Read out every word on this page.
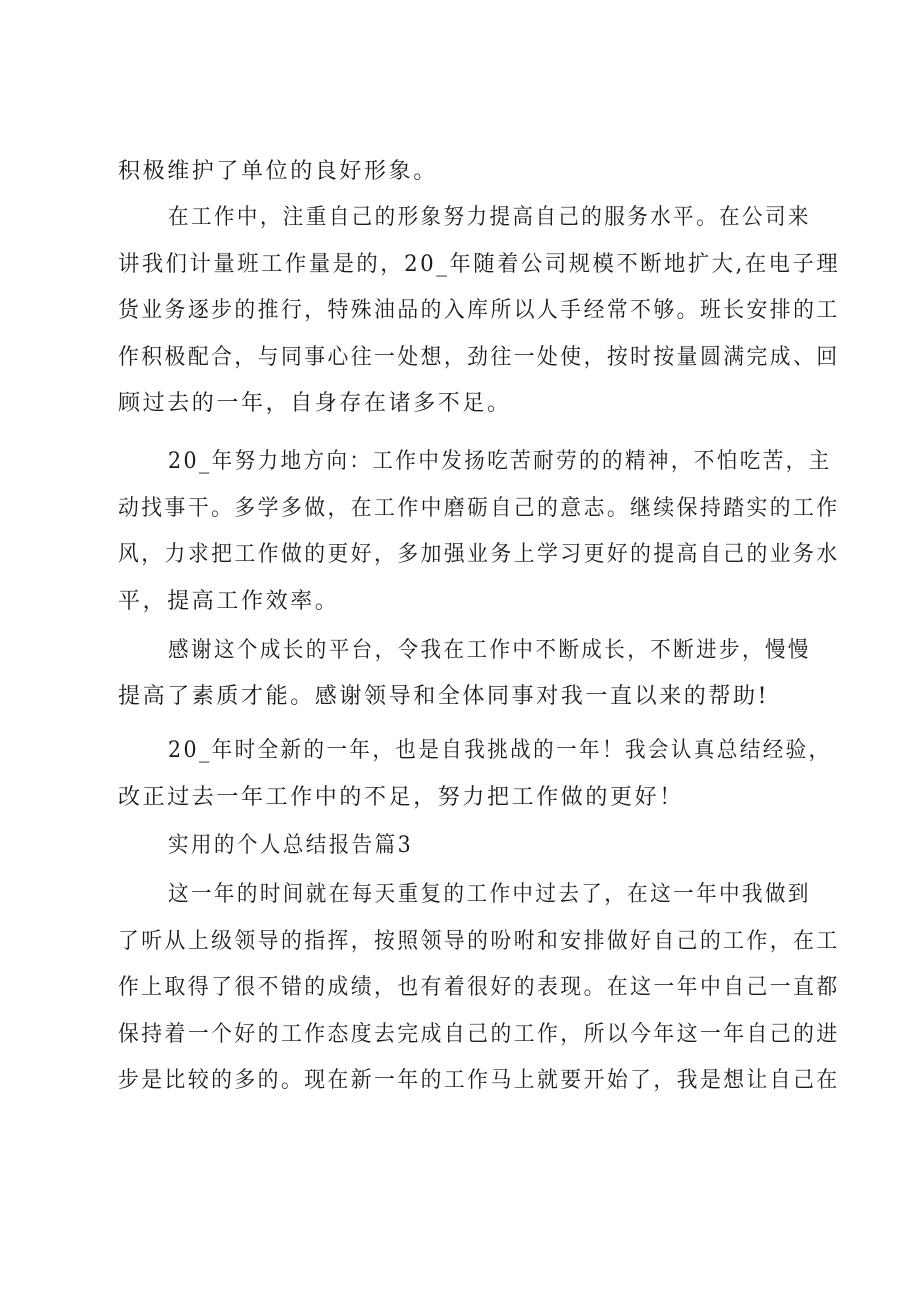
积极维护了单位的良好形象。
在工作中，注重自己的形象努力提高自己的服务水平。在公司来
讲我们计量班工作量是的，20_年随着公司规模不断地扩大,在电子理
货业务逐步的推行，特殊油品的入库所以人手经常不够。班长安排的工
作积极配合，与同事心往一处想，劲往一处使，按时按量圆满完成、回
顾过去的一年，自身存在诸多不足。
20_年努力地方向：工作中发扬吃苦耐劳的的精神，不怕吃苦，主
动找事干。多学多做，在工作中磨砺自己的意志。继续保持踏实的工作
风，力求把工作做的更好，多加强业务上学习更好的提高自己的业务水
平，提高工作效率。
感谢这个成长的平台，令我在工作中不断成长，不断进步，慢慢
提高了素质才能。感谢领导和全体同事对我一直以来的帮助!
20_年时全新的一年，也是自我挑战的一年！我会认真总结经验，
改正过去一年工作中的不足，努力把工作做的更好！
实用的个人总结报告篇3
这一年的时间就在每天重复的工作中过去了，在这一年中我做到
了听从上级领导的指挥，按照领导的吩咐和安排做好自己的工作，在工
作上取得了很不错的成绩，也有着很好的表现。在这一年中自己一直都
保持着一个好的工作态度去完成自己的工作，所以今年这一年自己的进
步是比较的多的。现在新一年的工作马上就要开始了，我是想让自己在
